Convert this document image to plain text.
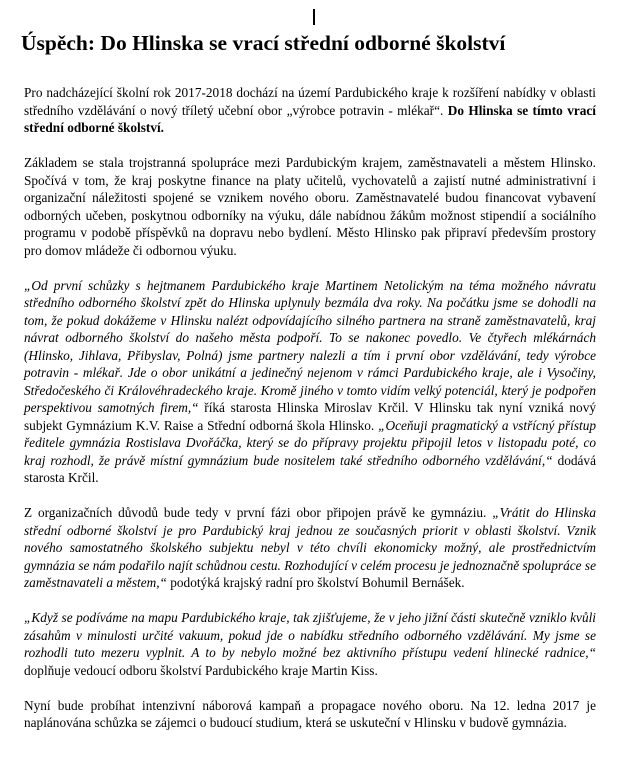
Úspěch: Do Hlinska se vrací střední odborné školství

Pro nadcházející školní rok 2017-2018 dochází na území Pardubického kraje k rozšíření nabídky v oblasti středního vzdělávání o nový tříletý učební obor „výrobce potravin - mlékař“. Do Hlinska se tímto vrací střední odborné školství.

Základem se stala trojstranná spolupráce mezi Pardubickým krajem, zaměstnavateli a městem Hlinsko. Spočívá v tom, že kraj poskytne finance na platy učitelů, vychovatelů a zajistí nutné administrativní i organizační náležitosti spojené se vznikem nového oboru. Zaměstnavatelé budou financovat vybavení odborných učeben, poskytnou odborníky na výuku, dále nabídnou žákům možnost stipendií a sociálního programu v podobě příspěvků na dopravu nebo bydlení. Město Hlinsko pak připraví především prostory pro domov mládeže či odbornou výuku.

„Od první schůzky s hejtmanem Pardubického kraje Martinem Netolickým na téma možného návratu středního odborného školství zpět do Hlinska uplynuly bezmála dva roky. Na počátku jsme se dohodli na tom, že pokud dokážeme v Hlinsku nalézt odpovídajícího silného partnera na straně zaměstnavatelů, kraj návrat odborného školství do našeho města podpoří. To se nakonec povedlo. Ve čtyřech mlékárnách (Hlinsko, Jihlava, Přibyslav, Polná) jsme partnery nalezli a tím i první obor vzdělávání, tedy výrobce potravin - mlékař. Jde o obor unikátní a jedinečný nejenom v rámci Pardubického kraje, ale i Vysočiny, Středočeského či Královéhradeckého kraje. Kromě jiného v tomto vidím velký potenciál, který je podpořen perspektivou samotných firem,“ říká starosta Hlinska Miroslav Krčil. V Hlinsku tak nyní vzniká nový subjekt Gymnázium K.V. Raise a Střední odborná škola Hlinsko. „Oceňuji pragmatický a vstřícný přístup ředitele gymnázia Rostislava Dvořáčka, který se do přípravy projektu připojil letos v listopadu poté, co kraj rozhodl, že právě místní gymnázium bude nositelem také středního odborného vzdělávání,“ dodává starosta Krčil.

Z organizačních důvodů bude tedy v první fázi obor připojen právě ke gymnáziu. „Vrátit do Hlinska střední odborné školství je pro Pardubický kraj jednou ze současných priorit v oblasti školství. Vznik nového samostatného školského subjektu nebyl v této chvíli ekonomicky možný, ale prostřednictvím gymnázia se nám podařilo najít schůdnou cestu. Rozhodující v celém procesu je jednoznačně spolupráce se zaměstnavateli a městem,“ podotýká krajský radní pro školství Bohumil Bernášek.

„Když se podíváme na mapu Pardubického kraje, tak zjišťujeme, že v jeho jižní části skutečně vzniklo kvůli zásahům v minulosti určité vakuum, pokud jde o nabídku středního odborného vzdělávání. My jsme se rozhodli tuto mezeru vyplnit. A to by nebylo možné bez aktivního přístupu vedení hlinecké radnice,“ doplňuje vedoucí odboru školství Pardubického kraje Martin Kiss.

Nyní bude probíhat intenzivní náborová kampaň a propagace nového oboru. Na 12. ledna 2017 je naplánována schůzka se zájemci o budoucí studium, která se uskuteční v Hlinsku v budově gymnázia.
